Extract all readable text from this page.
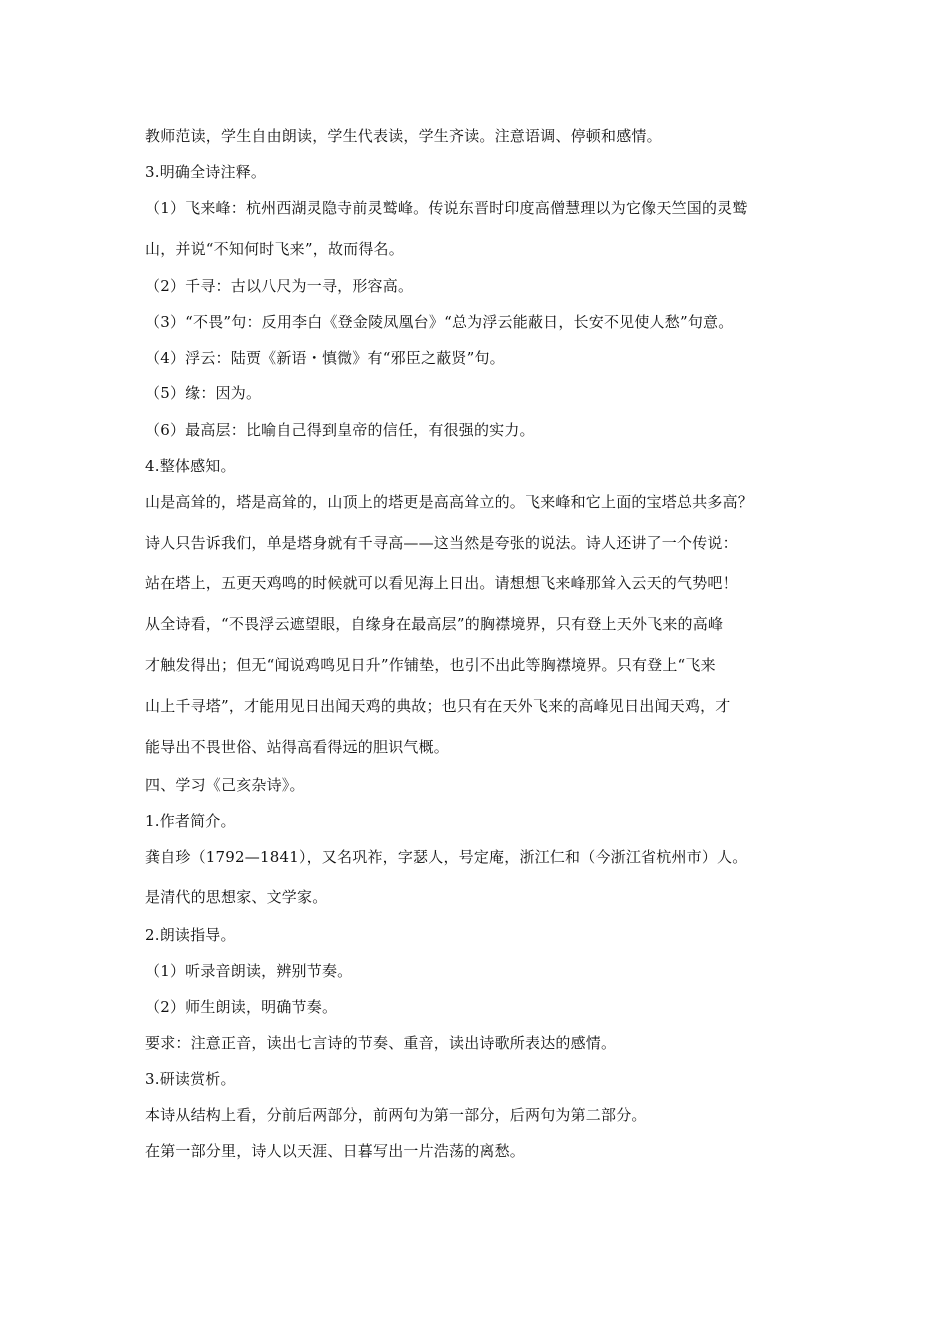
教师范读，学生自由朗读，学生代表读，学生齐读。注意语调、停顿和感情。
3.明确全诗注释。
（1）飞来峰：杭州西湖灵隐寺前灵鹫峰。传说东晋时印度高僧慧理以为它像天竺国的灵鹫
山，并说“不知何时飞来”，故而得名。
（2）千寻：古以八尺为一寻，形容高。
（3）“不畏”句：反用李白《登金陵凤凰台》“总为浮云能蔽日，长安不见使人愁”句意。
（4）浮云：陆贾《新语・慎微》有“邪臣之蔽贤”句。
（5）缘：因为。
（6）最高层：比喻自己得到皇帝的信任，有很强的实力。
4.整体感知。
山是高耸的，塔是高耸的，山顶上的塔更是高高耸立的。飞来峰和它上面的宝塔总共多高？
诗人只告诉我们，单是塔身就有千寻高——这当然是夸张的说法。诗人还讲了一个传说：
站在塔上，五更天鸡鸣的时候就可以看见海上日出。请想想飞来峰那耸入云天的气势吧！
从全诗看，“不畏浮云遮望眼，自缘身在最高层”的胸襟境界，只有登上天外飞来的高峰
才触发得出；但无“闻说鸡鸣见日升”作铺垫，也引不出此等胸襟境界。只有登上“飞来
山上千寻塔”，才能用见日出闻天鸡的典故；也只有在天外飞来的高峰见日出闻天鸡，才
能导出不畏世俗、站得高看得远的胆识气概。
四、学习《己亥杂诗》。
1.作者简介。
龚自珍（1792—1841），又名巩祚，字瑟人，号定庵，浙江仁和（今浙江省杭州市）人。
是清代的思想家、文学家。
2.朗读指导。
（1）听录音朗读，辨别节奏。
（2）师生朗读，明确节奏。
要求：注意正音，读出七言诗的节奏、重音，读出诗歌所表达的感情。
3.研读赏析。
本诗从结构上看，分前后两部分，前两句为第一部分，后两句为第二部分。
在第一部分里，诗人以天涯、日暮写出一片浩荡的离愁。
